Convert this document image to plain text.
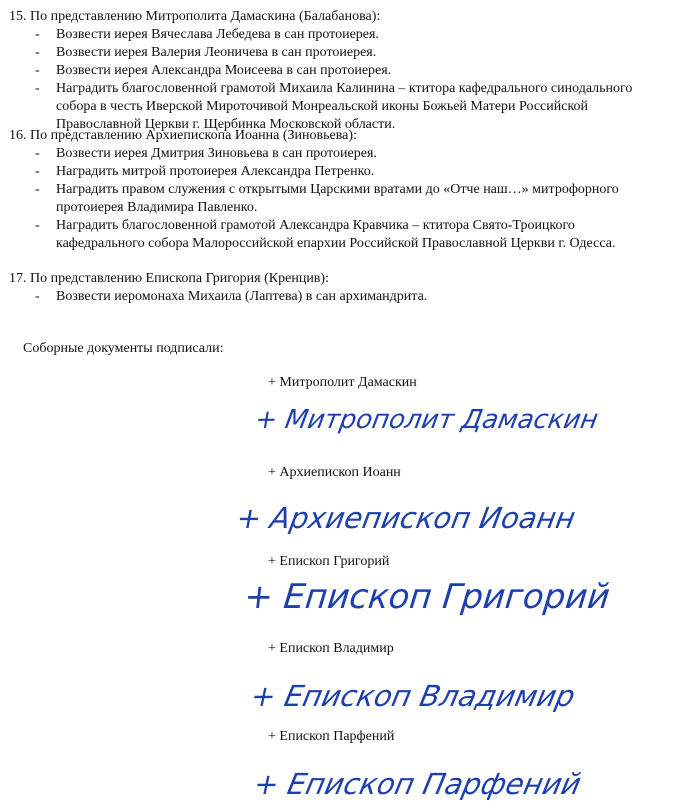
15. По представлению Митрополита Дамаскина (Балабанова):
- Возвести иерея Вячеслава Лебедева в сан протоиерея.
- Возвести иерея Валерия Леоничева в сан протоиерея.
- Возвести иерея Александра Моисеева в сан протоиерея.
- Наградить благословенной грамотой Михаила Калинина – ктитора кафедрального синодального собора в честь Иверской Мироточивой Монреальской иконы Божьей Матери Российской Православной Церкви г. Щербинка Московской области.
16. По представлению Архиепископа Иоанна (Зиновьева):
- Возвести иерея Дмитрия Зиновьева в сан протоиерея.
- Наградить митрой протоиерея Александра Петренко.
- Наградить правом служения с открытыми Царскими вратами до «Отче наш…» митрофорного протоиерея Владимира Павленко.
- Наградить благословенной грамотой Александра Кравчика – ктитора Свято-Троицкого кафедрального собора Малороссийской епархии Российской Православной Церкви г. Одесса.
17. По представлению Епископа Григория (Кренцив):
- Возвести иеромонаха Михаила (Лаптева) в сан архимандрита.
Соборные документы подписали:
+ Митрополит Дамаскин
+ Митрополит Дамаскин
+ Архиепископ Иоанн
+ Архиепископ Иоанн
+ Епископ Григорий
+ Епископ Григорий
+ Епископ Владимир
+ Епископ Владимир
+ Епископ Парфений
+ Епископ Парфений
